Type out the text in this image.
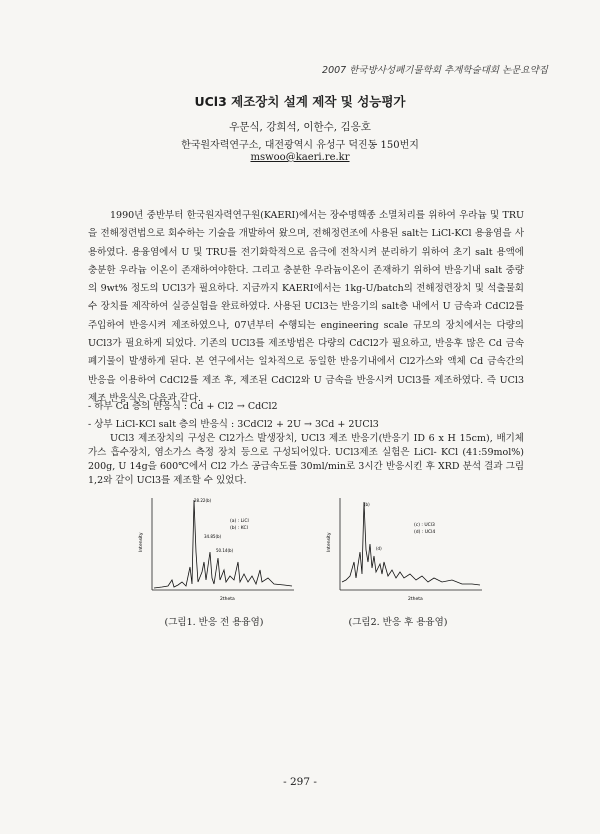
2007 한국방사성폐기물학회 추계학술대회 논문요약집
UCl3 제조장치 설계 제작 및 성능평가
우문식, 강희석, 이한수, 김응호
한국원자력연구소, 대전광역시 유성구 덕진동 150번지
mswoo@kaeri.re.kr
1990년 중반부터 한국원자력연구원(KAERI)에서는 장수명핵종 소멸처리를 위하여 우라늄 및 TRU을 전해정련법으로 회수하는 기술을 개발하여 왔으며, 전해정련조에 사용된 salt는 LiCl-KCl 용융염을 사용하였다. 용융염에서 U 및 TRU를 전기화학적으로 음극에 전착시켜 분리하기 위하여 초기 salt 용액에 충분한 우라늄 이온이 존재하여야한다. 그리고 충분한 우라늄이온이 존재하기 위하여 반응기내 salt 중량의 9wt% 정도의 UCl3가 필요하다. 지금까지 KAERI에서는 1kg-U/batch의 전해정련장치 및 석출물회수 장치를 제작하여 실증실험을 완료하였다. 사용된 UCl3는 반응기의 salt층 내에서 U 금속과 CdCl2를 주입하여 반응시켜 제조하였으나, 07년부터 수행되는 engineering scale 규모의 장치에서는 다량의 UCl3가 필요하게 되었다. 기존의 UCl3를 제조방법은 다량의 CdCl2가 필요하고, 반응후 많은 Cd 금속 폐기물이 발생하게 된다. 본 연구에서는 일차적으로 동일한 반응기내에서 Cl2가스와 액체 Cd 금속간의 반응을 이용하여 CdCl2를 제조 후, 제조된 CdCl2와 U 금속을 반응시켜 UCl3를 제조하였다. 즉 UCl3 제조 반응식은 다음과 같다.
- 하부 Cd 층의 반응식 : Cd + Cl2 → CdCl2
- 상부 LiCl-KCl salt 층의 반응식 : 3CdCl2 + 2U → 3Cd + 2UCl3
UCl3 제조장치의 구성은 Cl2가스 발생장치, UCl3 제조 반응기(반응기 ID 6 x H 15cm), 배기체 가스 흡수장치, 염소가스 측정 장치 등으로 구성되어있다. UCl3제조 실험은 LiCl- KCl (41:59mol%) 200g, U 14g을 600℃에서 Cl2 가스 공급속도를 30ml/min로 3시간 반응시킨 후 XRD 분석 결과 그림 1,2와 같이 UCl3를 제조할 수 있었다.
28.22(b)
34.85(b)
50.14(b)
(a) : LiCl
(b) : KCl
2theta
Intensity
(b)
(d)
(c) : UCl3
(d) : UCl4
2theta
Intensity
(그림1. 반응 전 용융염)	(그림2. 반응 후 용융염)
- 297 -
